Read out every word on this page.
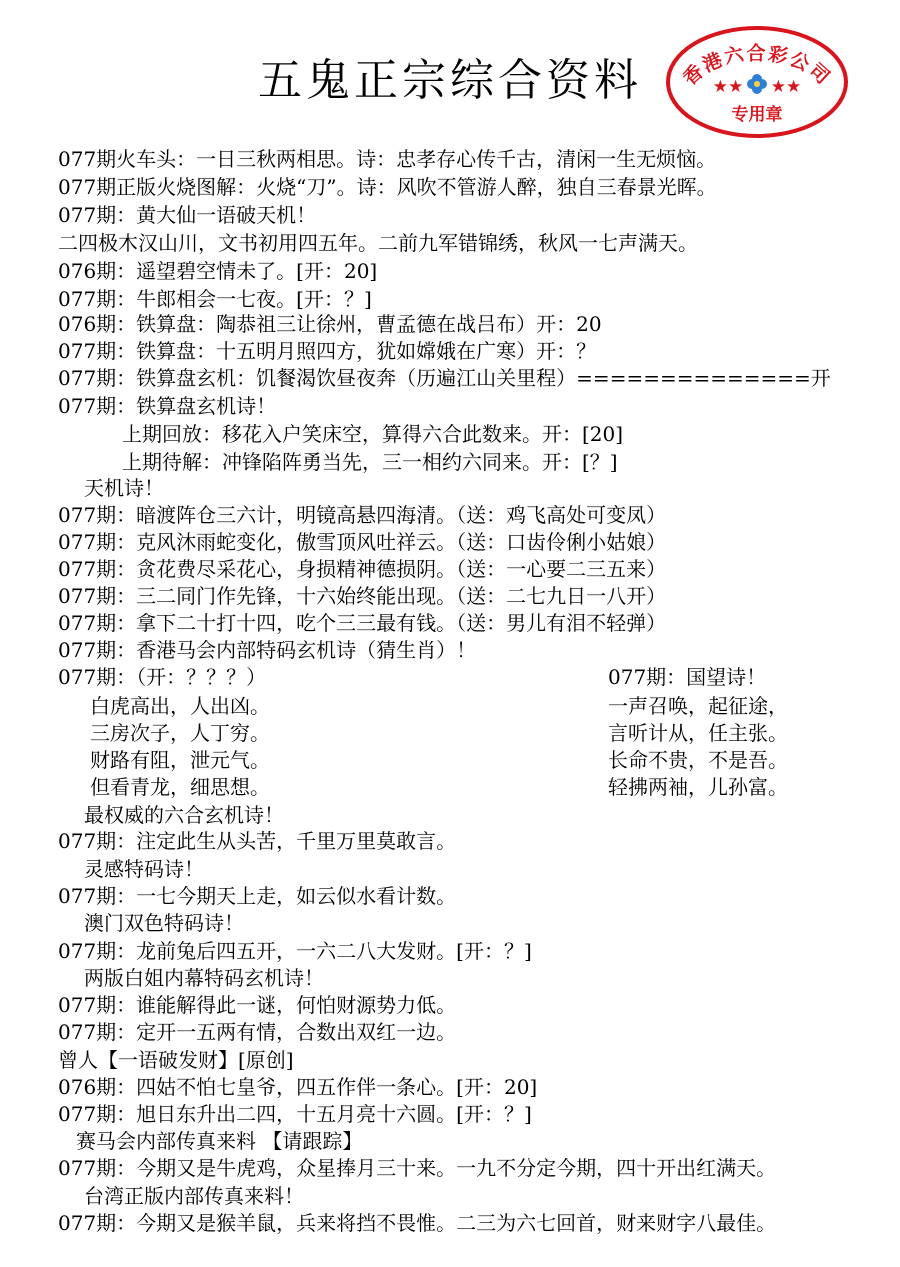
五鬼正宗综合资料	香港六合彩公司
★★ ★★
专用章
077期火车头：一日三秋两相思。诗：忠孝存心传千古，清闲一生无烦恼。
077期正版火烧图解：火烧“刀”。诗：风吹不管游人醉，独自三春景光晖。
077期：黄大仙一语破天机！
二四极木汉山川，文书初用四五年。二前九军错锦绣，秋风一七声满天。
076期：遥望碧空情未了。[开：20]
077期：牛郎相会一七夜。[开：？]
076期：铁算盘：陶恭祖三让徐州，曹孟德在战吕布）开：20
077期：铁算盘：十五明月照四方，犹如嫦娥在广寒）开：？
077期：铁算盘玄机：饥餐渴饮昼夜奔（历遍江山关里程）==============开
077期：铁算盘玄机诗！
上期回放：移花入户笑床空，算得六合此数来。开：[20]
上期待解：冲锋陷阵勇当先，三一相约六同来。开：[？]
天机诗！
077期：暗渡阵仓三六计，明镜高悬四海清。（送：鸡飞高处可变凤）
077期：克风沐雨蛇变化，傲雪顶风吐祥云。（送：口齿伶俐小姑娘）
077期：贪花费尽采花心，身损精神德损阴。（送：一心要二三五来）
077期：三二同门作先锋，十六始终能出现。（送：二七九日一八开）
077期：拿下二十打十四，吃个三三最有钱。（送：男儿有泪不轻弹）
077期：香港马会内部特码玄机诗（猜生肖）！
077期：（开：？？？）
白虎高出，人出凶。
三房次子，人丁穷。
财路有阻，泄元气。
但看青龙，细思想。
最权威的六合玄机诗！
077期：注定此生从头苦，千里万里莫敢言。
灵感特码诗！
077期：一七今期天上走，如云似水看计数。
澳门双色特码诗！
077期：龙前兔后四五开，一六二八大发财。[开：？]
两版白姐内幕特码玄机诗！
077期：谁能解得此一谜，何怕财源势力低。
077期：定开一五两有情，合数出双红一边。
曾人【一语破发财】[原创]
076期：四姑不怕七皇爷，四五作伴一条心。[开：20]
077期：旭日东升出二四，十五月亮十六圆。[开：？]
赛马会内部传真来料 【请跟踪】
077期：今期又是牛虎鸡，众星捧月三十来。一九不分定今期，四十开出红满天。
台湾正版内部传真来料！
077期：今期又是猴羊鼠，兵来将挡不畏惟。二三为六七回首，财来财字八最佳。
077期：国望诗！
一声召唤，起征途，
言听计从，任主张。
长命不贵，不是吾。
轻拂两袖，儿孙富。
